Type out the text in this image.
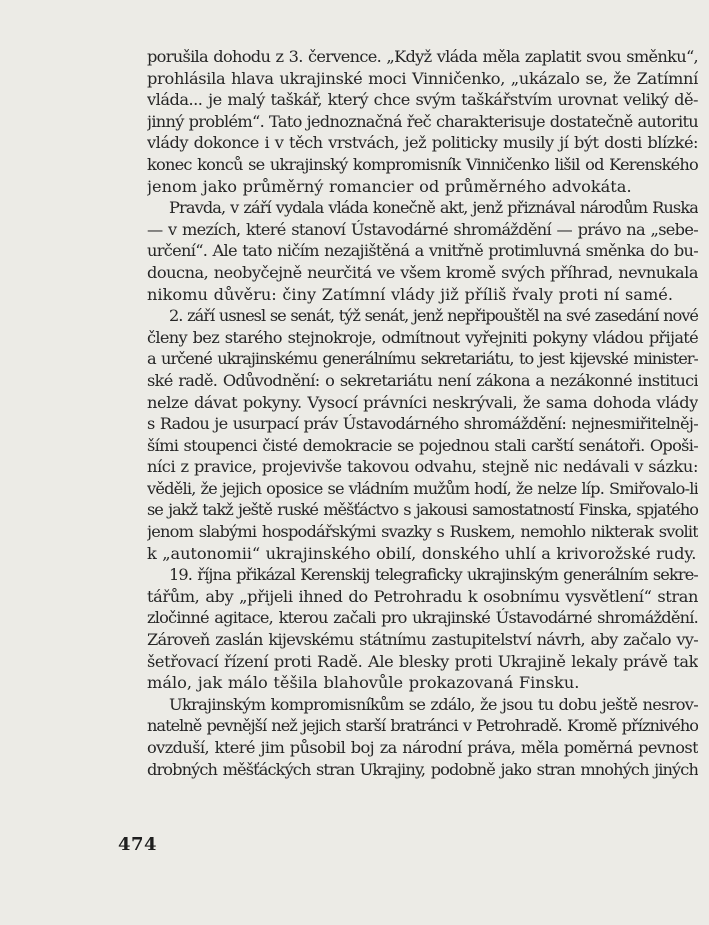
porušila dohodu z 3. července. „Když vláda měla zaplatit svou směnku“,
prohlásila hlava ukrajinské moci Vinničenko, „ukázalo se, že Zatímní
vláda... je malý taškář, který chce svým taškářstvím urovnat veliký dě-
jinný problém“. Tato jednoznačná řeč charakterisuje dostatečně autoritu
vlády dokonce i v těch vrstvách, jež politicky musily jí být dosti blízké:
konec konců se ukrajinský kompromisník Vinničenko lišil od Kerenského
jenom jako průměrný romancier od průměrného advokáta.
Pravda, v září vydala vláda konečně akt, jenž přiznával národům Ruska
— v mezích, které stanoví Ústavodárné shromáždění — právo na „sebe-
určení“. Ale tato ničím nezajištěná a vnitřně protimluvná směnka do bu-
doucna, neobyčejně neurčitá ve všem kromě svých příhrad, nevnukala
nikomu důvěru: činy Zatímní vlády již příliš řvaly proti ní samé.
2. září usnesl se senát, týž senát, jenž nepřipouštěl na své zasedání nové
členy bez starého stejnokroje, odmítnout vyřejniti pokyny vládou přijaté
a určené ukrajinskému generálnímu sekretariátu, to jest kijevské minister-
ské radě. Odůvodnění: o sekretariátu není zákona a nezákonné instituci
nelze dávat pokyny. Vysocí právníci neskrývali, že sama dohoda vlády
s Radou je usurpací práv Ústavodárného shromáždění: nejnesmiřitelněj-
šími stoupenci čisté demokracie se pojednou stali carští senátoři. Opoši-
níci z pravice, projevivše takovou odvahu, stejně nic nedávali v sázku:
věděli, že jejich oposice se vládním mužům hodí, že nelze líp. Smiřovalo-li
se jakž takž ještě ruské měšťáctvo s jakousi samostatností Finska, spjatého
jenom slabými hospodářskými svazky s Ruskem, nemohlo nikterak svolit
k „autonomii“ ukrajinského obilí, donského uhlí a krivorožské rudy.
19. října přikázal Kerenskij telegraficky ukrajinským generálním sekre-
tářům, aby „přijeli ihned do Petrohradu k osobnímu vysvětlení“ stran
zločinné agitace, kterou začali pro ukrajinské Ústavodárné shromáždění.
Zároveň zaslán kijevskému státnímu zastupitelství návrh, aby začalo vy-
šetřovací řízení proti Radě. Ale blesky proti Ukrajině lekaly právě tak
málo, jak málo těšila blahovůle prokazovaná Finsku.
Ukrajinským kompromisníkům se zdálo, že jsou tu dobu ještě nesrov-
natelně pevnější než jejich starší bratránci v Petrohradě. Kromě příznivého
ovzduší, které jim působil boj za národní práva, měla poměrná pevnost
drobných měšťáckých stran Ukrajiny, podobně jako stran mnohých jiných
474
